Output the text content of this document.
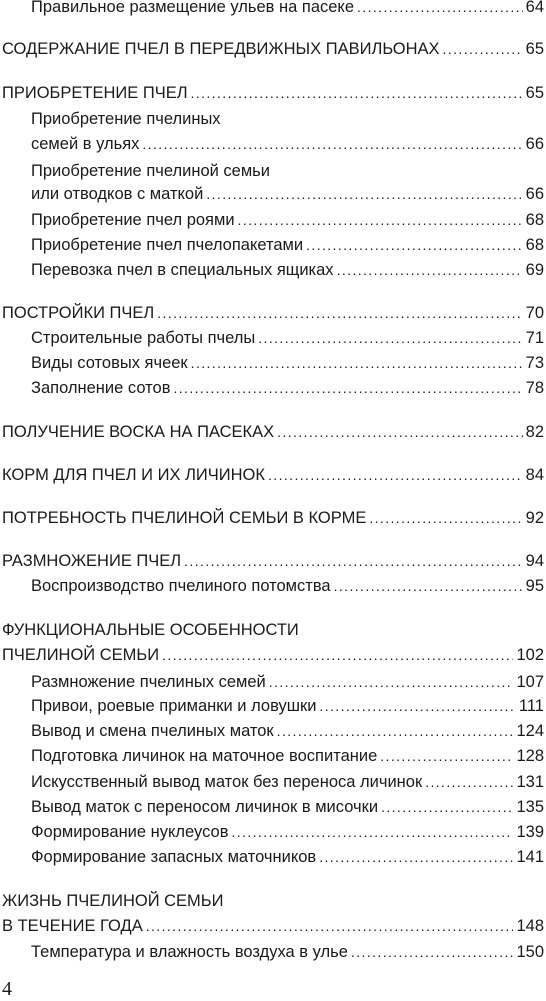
Правильное размещение ульев на пасеке .....	64
СОДЕРЖАНИЕ ПЧЕЛ В ПЕРЕДВИЖНЫХ ПАВИЛЬОНАХ .....	65
ПРИОБРЕТЕНИЕ ПЧЕЛ .....	65
Приобретение пчелиных
семей в ульях .....	66
Приобретение пчелиной семьи
или отводков с маткой .....	66
Приобретение пчел роями .....	68
Приобретение пчел пчелопакетами .....	68
Перевозка пчел в специальных ящиках .....	69
ПОСТРОЙКИ ПЧЕЛ .....	70
Строительные работы пчелы .....	71
Виды сотовых ячеек .....	73
Заполнение сотов .....	78
ПОЛУЧЕНИЕ ВОСКА НА ПАСЕКАХ .....	82
КОРМ ДЛЯ ПЧЕЛ И ИХ ЛИЧИНОК .....	84
ПОТРЕБНОСТЬ ПЧЕЛИНОЙ СЕМЬИ В КОРМЕ .....	92
РАЗМНОЖЕНИЕ ПЧЕЛ .....	94
Воспроизводство пчелиного потомства .....	95
ФУНКЦИОНАЛЬНЫЕ ОСОБЕННОСТИ
ПЧЕЛИНОЙ СЕМЬИ .....	102
Размножение пчелиных семей .....	107
Привои, роевые приманки и ловушки .....	111
Вывод и смена пчелиных маток .....	124
Подготовка личинок на маточное воспитание .....	128
Искусственный вывод маток без переноса личинок .....	131
Вывод маток с переносом личинок в мисочки .....	135
Формирование нуклеусов .....	139
Формирование запасных маточников .....	141
ЖИЗНЬ ПЧЕЛИНОЙ СЕМЬИ
В ТЕЧЕНИЕ ГОДА .....	148
Температура и влажность воздуха в улье .....	150
4
